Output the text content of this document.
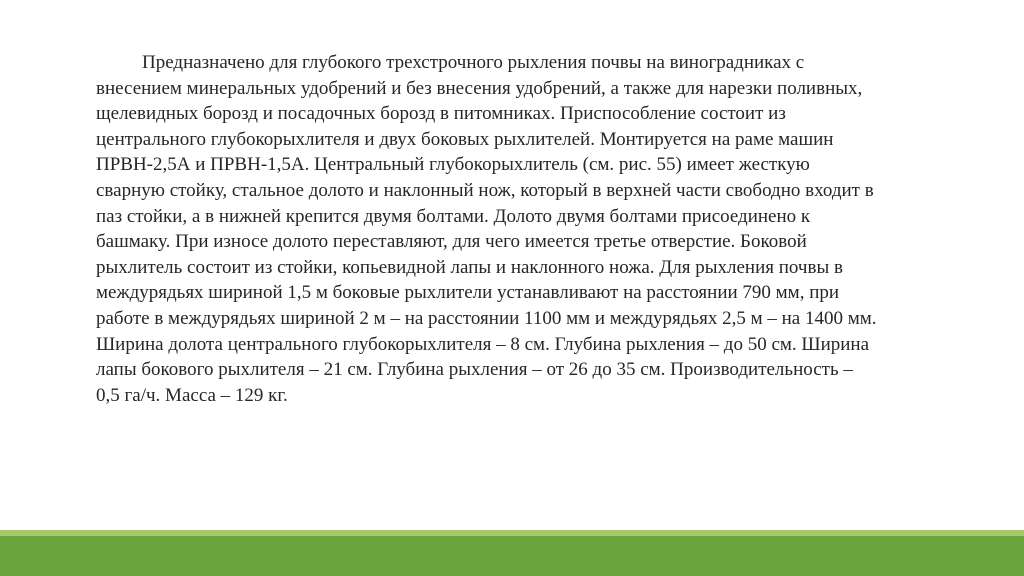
Предназначено для глубокого трехстрочного рыхления почвы на виноградниках с внесением минеральных удобрений и без внесения удобрений, а также для нарезки поливных, щелевидных борозд и посадочных борозд в питомниках. Приспособление состоит из центрального глубокорыхлителя и двух боковых рыхлителей. Монтируется на раме машин ПРВН-2,5А и ПРВН-1,5А. Центральный глубокорыхлитель (см. рис. 55) имеет жесткую сварную стойку, стальное долото и наклонный нож, который в верхней части свободно входит в паз стойки, а в нижней крепится двумя болтами. Долото двумя болтами присоединено к башмаку. При износе долото переставляют, для чего имеется третье отверстие. Боковой рыхлитель состоит из стойки, копьевидной лапы и наклонного ножа. Для рыхления почвы в междурядьях шириной 1,5 м боковые рыхлители устанавливают на расстоянии 790 мм, при работе в междурядьях шириной 2 м – на расстоянии 1100 мм и междурядьях 2,5 м – на 1400 мм. Ширина долота центрального глубокорыхлителя – 8 см. Глубина рыхления – до 50 см. Ширина лапы бокового рыхлителя – 21 см. Глубина рыхления – от 26 до 35 см. Производительность – 0,5 га/ч. Масса – 129 кг.
